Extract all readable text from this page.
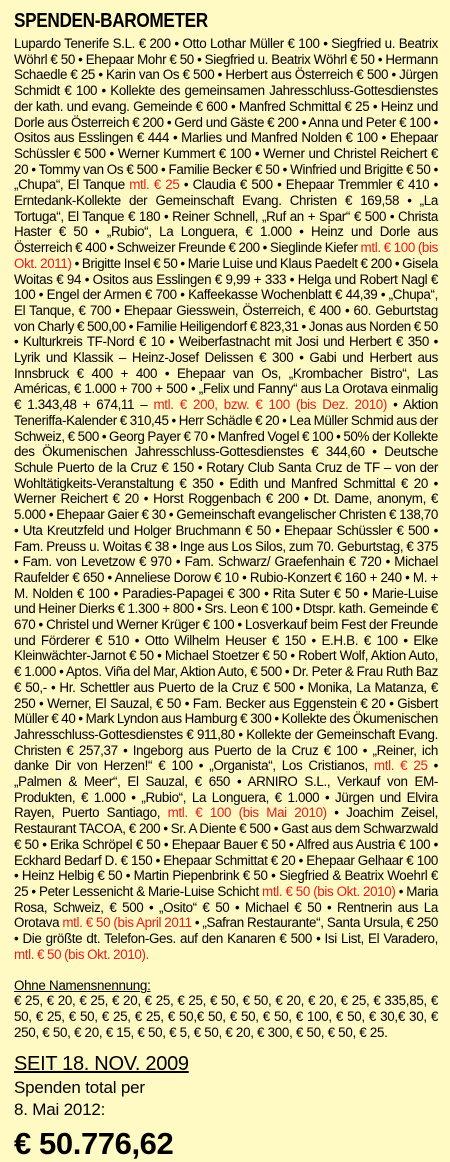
SPENDEN-BAROMETER
Lupardo Tenerife S.L. € 200 • Otto Lothar Müller € 100 • Siegfried u. Beatrix Wöhrl € 50 • Ehepaar Mohr € 50 • Siegfried u. Beatrix Wöhrl € 50 • Hermann Schaedle € 25 • Karin van Os € 500 • Herbert aus Österreich € 500 • Jürgen Schmidt € 100 • Kollekte des gemeinsamen Jahresschluss-Gottesdienstes der kath. und evang. Gemeinde € 600 • Manfred Schmittal € 25 • Heinz und Dorle aus Österreich € 200 • Gerd und Gäste € 200 • Anna und Peter € 100 • Ositos aus Esslingen € 444 • Marlies und Manfred Nolden € 100 • Ehepaar Schüssler € 500 • Werner Kummert € 100 • Werner und Christel Reichert € 20 • Tommy van Os € 500 • Familie Becker € 50 • Winfried und Brigitte € 50 • „Chupa“, El Tanque mtl. € 25 • Claudia € 500 • Ehepaar Tremmler € 410 • Erntedank-Kollekte der Gemeinschaft Evang. Christen € 169,58 • „La Tortuga“, El Tanque € 180 • Reiner Schnell, „Ruf an + Spar“ € 500 • Christa Haster € 50 • „Rubio“, La Longuera, € 1.000 • Heinz und Dorle aus Österreich € 400 • Schweizer Freunde € 200 • Sieglinde Kiefer mtl. € 100 (bis Okt. 2011) • Brigitte Insel € 50 • Marie Luise und Klaus Paedelt € 200 • Gisela Woitas € 94 • Ositos aus Esslingen € 9,99 + 333 • Helga und Robert Nagl € 100 • Engel der Armen € 700 • Kaffeekasse Wochenblatt € 44,39 • „Chupa“, El Tanque, € 700 • Ehepaar Giesswein, Österreich, € 400 • 60. Geburtstag von Charly € 500,00 • Familie Heiligendorf € 823,31 • Jonas aus Norden € 50 • Kulturkreis TF-Nord € 10 • Weiberfastnacht mit Josi und Herbert € 350 • Lyrik und Klassik – Heinz-Josef Delissen € 300 • Gabi und Herbert aus Innsbruck € 400 + 400 • Ehepaar van Os, „Krombacher Bistro“, Las Américas, € 1.000 + 700 + 500 • „Felix und Fanny“ aus La Orotava einmalig € 1.343,48 + 674,11 – mtl. € 200, bzw. € 100 (bis Dez. 2010) • Aktion Teneriffa-Kalender € 310,45 • Herr Schädle € 20 • Lea Müller Schmid aus der Schweiz, € 500 • Georg Payer € 70 • Manfred Vogel € 100 • 50% der Kollekte des Ökumenischen Jahresschluss-Gottesdienstes € 344,60 • Deutsche Schule Puerto de la Cruz € 150 • Rotary Club Santa Cruz de TF – von der Wohltätigkeits-Veranstaltung € 350 • Edith und Manfred Schmittal € 20 • Werner Reichert € 20 • Horst Roggenbach € 200 • Dt. Dame, anonym, € 5.000 • Ehepaar Gaier € 30 • Gemeinschaft evangelischer Christen € 138,70 • Uta Kreutzfeld und Holger Bruchmann € 50 • Ehepaar Schüssler € 500 • Fam. Preuss u. Woitas € 38 • Inge aus Los Silos, zum 70. Geburtstag, € 375 • Fam. von Levetzow € 970 • Fam. Schwarz/ Graefenhain € 720 • Michael Raufelder € 650 • Anneliese Dorow € 10 • Rubio-Konzert € 160 + 240 • M. + M. Nolden € 100 • Paradies-Papagei € 300 • Rita Suter € 50 • Marie-Luise und Heiner Dierks € 1.300 + 800 • Srs. Leon € 100 • Dtspr. kath. Gemeinde € 670 • Christel und Werner Krüger € 100 • Losverkauf beim Fest der Freunde und Förderer € 510 • Otto Wilhelm Heuser € 150 • E.H.B. € 100 • Elke Kleinwächter-Jarnot € 50 • Michael Stoetzer € 50 • Robert Wolf, Aktion Auto, € 1.000 • Aptos. Viña del Mar, Aktion Auto, € 500 • Dr. Peter & Frau Ruth Baz € 50,- • Hr. Schettler aus Puerto de la Cruz € 500 • Monika, La Matanza, € 250 • Werner, El Sauzal, € 50 • Fam. Becker aus Eggenstein € 20 • Gisbert Müller € 40 • Mark Lyndon aus Hamburg € 300 • Kollekte des Ökumenischen Jahresschluss-Gottesdienstes € 911,80 • Kollekte der Gemeinschaft Evang. Christen € 257,37 • Ingeborg aus Puerto de la Cruz € 100 • „Reiner, ich danke Dir von Herzen!“ € 100 • „Organista“, Los Cristianos, mtl. € 25 • „Palmen & Meer“, El Sauzal, € 650 • ARNIRO S.L., Verkauf von EM-Produkten, € 1.000 • „Rubio“, La Longuera, € 1.000 • Jürgen und Elvira Rayen, Puerto Santiago, mtl. € 100 (bis Mai 2010) • Joachim Zeisel, Restaurant TACOA, € 200 • Sr. A Diente € 500 • Gast aus dem Schwarzwald € 50 • Erika Schröpel € 50 • Ehepaar Bauer € 50 • Alfred aus Austria € 100 • Eckhard Bedarf D. € 150 • Ehepaar Schmittat € 20 • Ehepaar Gelhaar € 100 • Heinz Helbig € 50 • Martin Piepenbrink € 50 • Siegfried & Beatrix Woehrl € 25 • Peter Lessenicht & Marie-Luise Schicht mtl. € 50 (bis Okt. 2010) • Maria Rosa, Schweiz, € 500 • „Osito“ € 50 • Michael € 50 • Rentnerin aus La Orotava mtl. € 50 (bis April 2011 • „Safran Restaurante“, Santa Ursula, € 250 • Die größte dt. Telefon-Ges. auf den Kanaren € 500 • Isi List, El Varadero, mtl. € 50 (bis Okt. 2010).
Ohne Namensnennung:
€ 25, € 20, € 25, € 20, € 25, € 25, € 50, € 50, € 20, € 20, € 25, € 335,85, € 50, € 25, € 50, € 25, € 25, € 50,€ 50, € 50, € 50, € 100, € 50, € 30,€ 30, € 250, € 50, € 20, € 15, € 50, € 5, € 50, € 20, € 300, € 50, € 50, € 25.
SEIT 18. NOV. 2009
Spenden total per
8. Mai 2012:
€ 50.776,62
